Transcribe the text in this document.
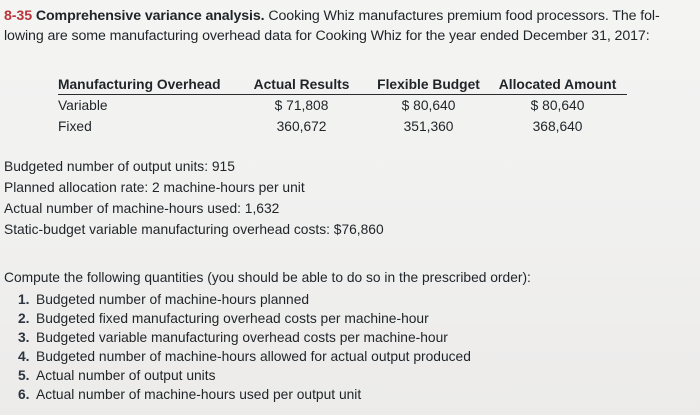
8-35 Comprehensive variance analysis. Cooking Whiz manufactures premium food processors. The fol- lowing are some manufacturing overhead data for Cooking Whiz for the year ended December 31, 2017:
Manufacturing Overhead	Actual Results	Flexible Budget	Allocated Amount
Variable	$ 71,808	$ 80,640	$ 80,640
Fixed	360,672	351,360	368,640
Budgeted number of output units: 915
Planned allocation rate: 2 machine-hours per unit
Actual number of machine-hours used: 1,632
Static-budget variable manufacturing overhead costs: $76,860
Compute the following quantities (you should be able to do so in the prescribed order):
1. Budgeted number of machine-hours planned
2. Budgeted fixed manufacturing overhead costs per machine-hour
3. Budgeted variable manufacturing overhead costs per machine-hour
4. Budgeted number of machine-hours allowed for actual output produced
5. Actual number of output units
6. Actual number of machine-hours used per output unit
